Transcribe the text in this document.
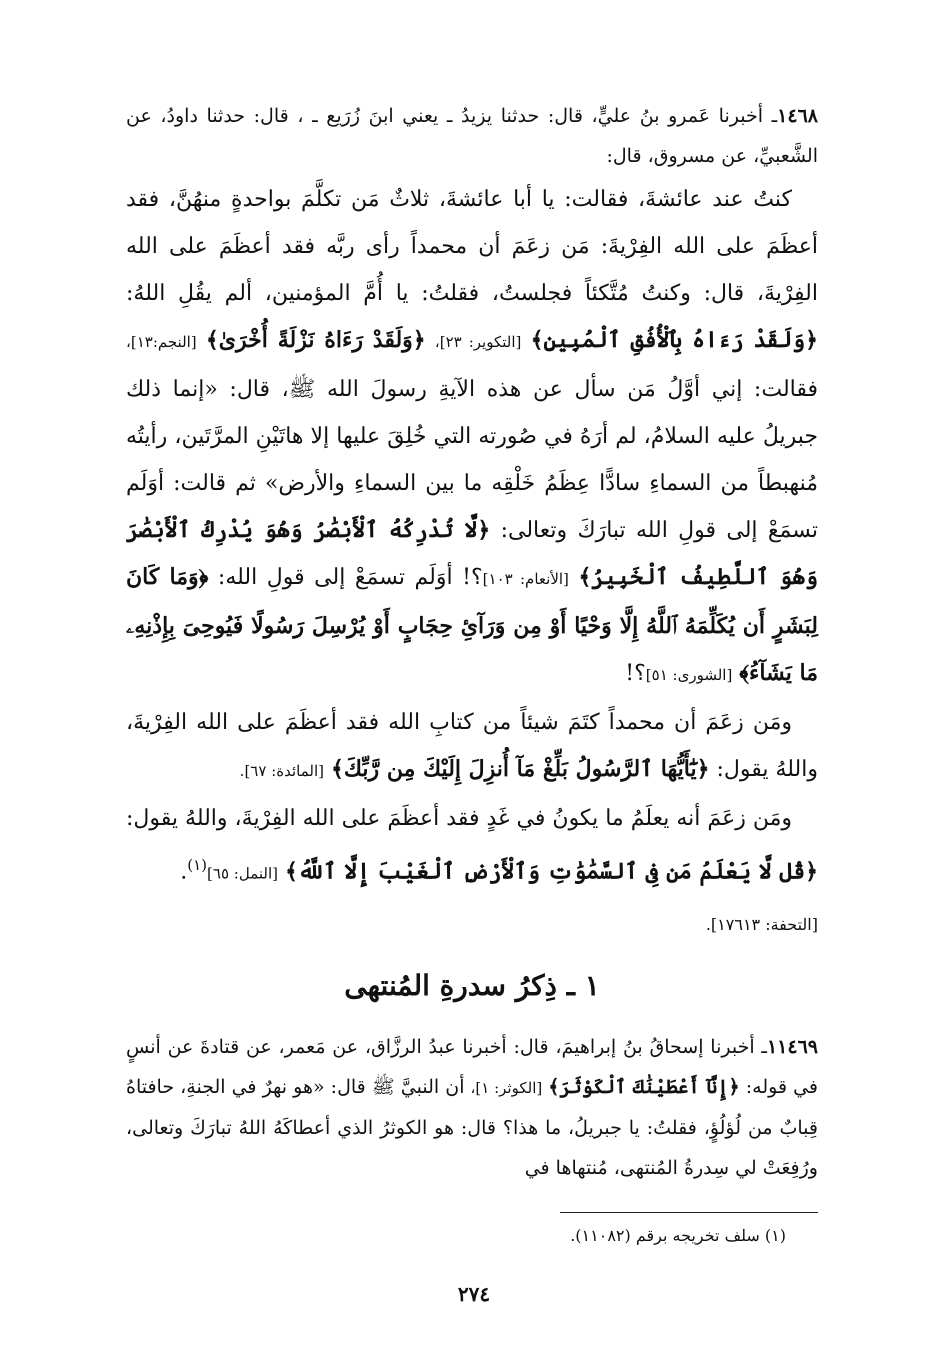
١٤٦٨ـ أخبرنا عَمرو بنُ عليٍّ، قال: حدثنا يزيدُ ـ يعني ابنَ زُرَيع ـ ، قال: حدثنا داودُ، عن الشَّعبيِّ، عن مسروق، قال:

كنتُ عند عائشةَ، فقالت: يا أبا عائشةَ، ثلاثٌ مَن تكلَّمَ بواحدةٍ منهُنَّ، فقد أعظَمَ على الله الفِرْيةَ: مَن زعَمَ أن محمداً رأى ربَّه فقد أعظَمَ على الله الفِرْيةَ، قال: وكنتُ مُتَّكئاً فجلستُ، فقلتُ: يا أُمَّ المؤمنين، ألم يقُلِ اللهُ: ﴿وَلَقَدْ رَءَاهُ بِٱلْأُفُقِ ٱلْمُبِينِ﴾ [التكوير: ٢٣]، ﴿وَلَقَدْ رَءَاهُ نَزْلَةً أُخْرَىٰ﴾ [النجم:١٣]، فقالت: إني أوَّلُ مَن سأل عن هذه الآيةِ رسولَ الله ﷺ، قال: «إنما ذلك جبريلُ عليه السلامُ، لم أرَهُ في صُورته التي خُلِقَ عليها إلا هاتَيْنِ المرَّتَين، رأيتُه مُنهبطاً من السماءِ سادًّا عِظَمُ خَلْقِه ما بين السماءِ والأرض» ثم قالت: أوَلَم تسمَعْ إلى قولِ الله تبارَكَ وتعالى: ﴿لَّا تُدْرِكُهُ ٱلْأَبْصَٰرُ وَهُوَ يُدْرِكُ ٱلْأَبْصَٰرَ وَهُوَ ٱللَّطِيفُ ٱلْخَبِيرُ﴾ [الأنعام: ١٠٣]؟! أوَلَم تسمَعْ إلى قولِ الله: ﴿وَمَا كَانَ لِبَشَرٍ أَن يُكَلِّمَهُ ٱللَّهُ إِلَّا وَحْيًا أَوْ مِن وَرَآئِ حِجَابٍ أَوْ يُرْسِلَ رَسُولًا فَيُوحِىَ بِإِذْنِهِۦ مَا يَشَآءُ﴾ [الشورى: ٥١]؟!

ومَن زعَمَ أن محمداً كتَمَ شيئاً من كتابِ الله فقد أعظَمَ على الله الفِرْيةَ، واللهُ يقول: ﴿يَٰٓأَيُّهَا ٱلرَّسُولُ بَلِّغْ مَآ أُنزِلَ إِلَيْكَ مِن رَّبِّكَ﴾ [المائدة: ٦٧].

ومَن زعَمَ أنه يعلَمُ ما يكونُ في غَدٍ فقد أعظَمَ على الله الفِرْيةَ، واللهُ يقول: ﴿قُل لَّا يَعْلَمُ مَن فِى ٱلسَّمَٰوَٰتِ وَٱلْأَرْضِ ٱلْغَيْبَ إِلَّا ٱللَّهُ﴾ [النمل: ٦٥]$^{(١)}$.

[التحفة: ١٧٦١٣].

١ ـ ذِكرُ سدرةِ المُنتهى

١١٤٦٩ـ أخبرنا إسحاقُ بنُ إبراهيمَ، قال: أخبرنا عبدُ الرزَّاق، عن مَعمر، عن قتادةَ عن أنسٍ في قوله: ﴿إِنَّآ أَعْطَيْنَٰكَ ٱلْكَوْثَرَ﴾ [الكوثر: ١]، أن النبيَّ ﷺ قال: «هو نهرٌ في الجنةِ، حافتاهُ قِبابٌ من لُؤلُؤٍ، فقلتُ: يا جبريلُ، ما هذا؟ قال: هو الكوثرُ الذي أعطاكَهُ اللهُ تبارَكَ وتعالى، ورُفِعَتْ لي سِدرةُ المُنتهى، مُنتهاها في

(١) سلف تخريجه برقم (١١٠٨٢).
٢٧٤
